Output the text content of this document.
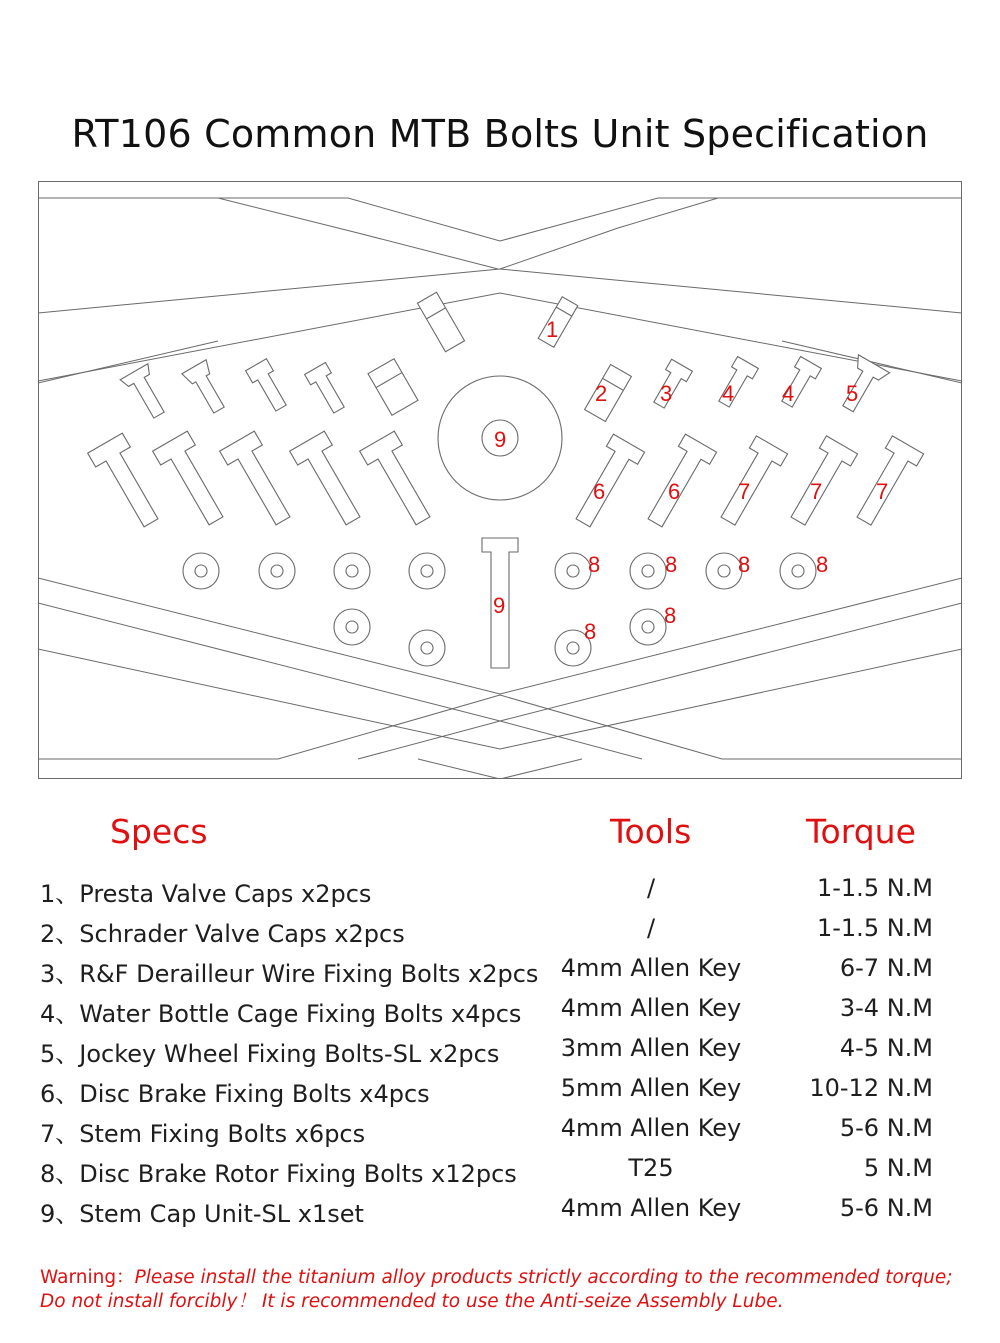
RT106 Common MTB Bolts Unit Specification
1
2 3 4 4 5
9
6	6	7	7 7
8	8	8	8
9	8
8
Specs	Tools	Torque
1、Presta Valve Caps x2pcs	/	1-1.5 N.M
2、Schrader Valve Caps x2pcs	/	1-1.5 N.M
3、R&F Derailleur Wire Fixing Bolts x2pcs 4mm Allen Key	6-7 N.M
4、Water Bottle Cage Fixing Bolts x4pcs	4mm Allen Key	3-4 N.M
5、Jockey Wheel Fixing Bolts-SL x2pcs	3mm Allen Key	4-5 N.M
6、Disc Brake Fixing Bolts x4pcs	5mm Allen Key	10-12 N.M
7、Stem Fixing Bolts x6pcs	4mm Allen Key	5-6 N.M
8、Disc Brake Rotor Fixing Bolts x12pcs	T25	5 N.M
9、Stem Cap Unit-SL x1set	4mm Allen Key	5-6 N.M
Warning：Please install the titanium alloy products strictly according to the recommended torque;
Do not install forcibly！ It is recommended to use the Anti-seize Assembly Lube.
